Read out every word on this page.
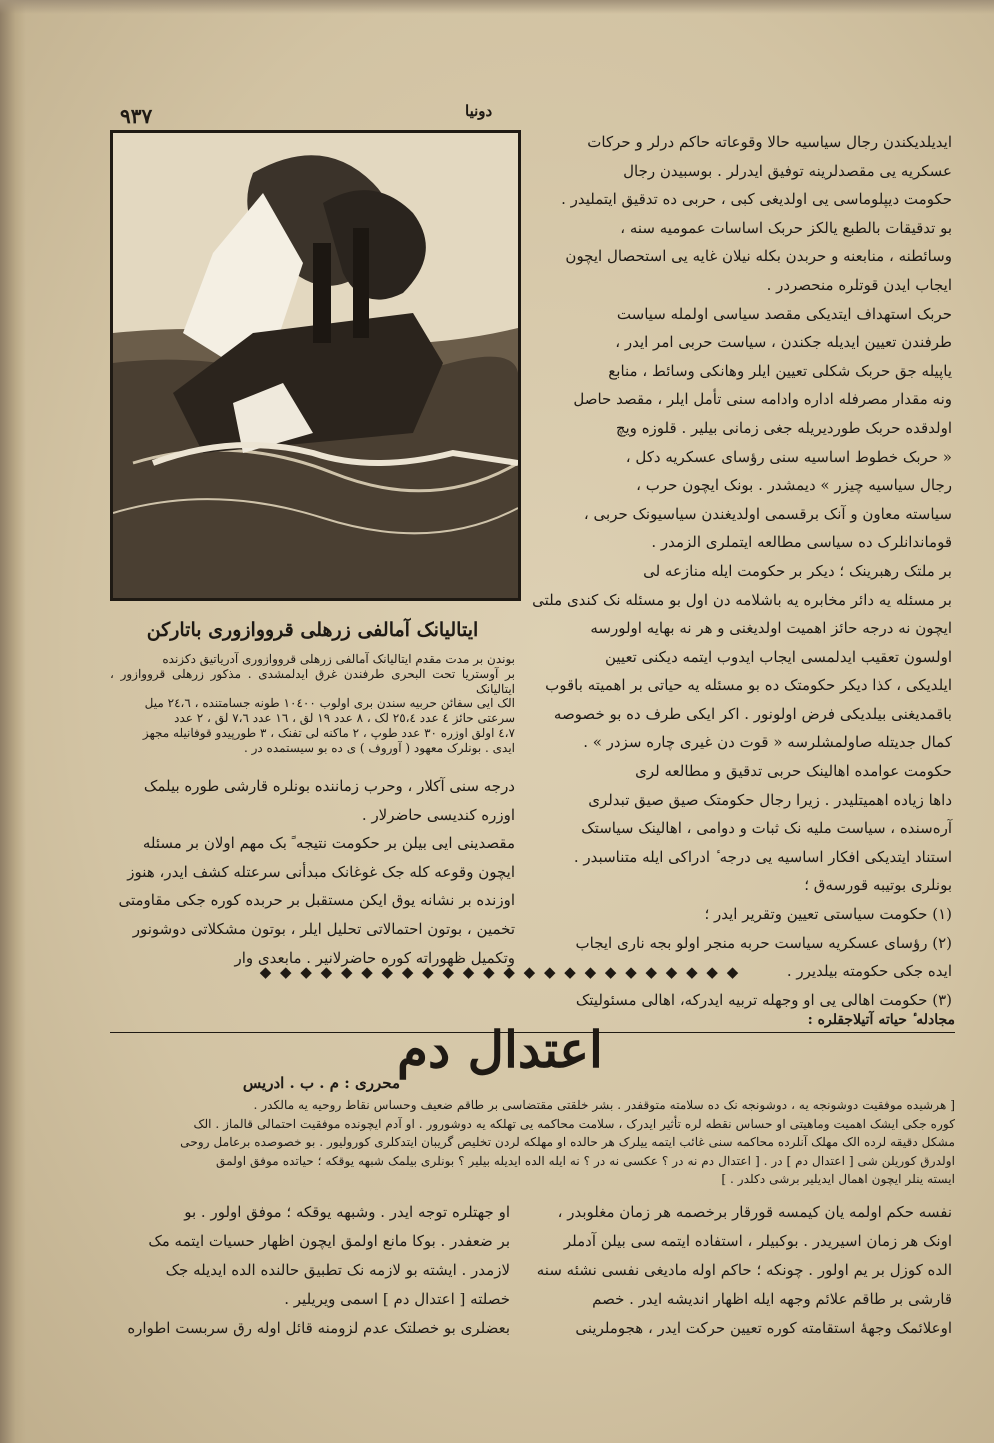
٩٣٧	دونیا

ایدیلدیکندن رجال سیاسیه حالا وقوعاته حاکم درلر و حرکات

عسکریه یی مقصدلرینه توفیق ایدرلر . بوسبیدن رجال

حکومت دیپلوماسی یی اولدیغی کبی ، حربی ده تدقیق ایتملیدر .

بو تدقیقات بالطبع یالکز حربک اساسات عمومیه سنه ،

وسائطنه ، منابعنه و حربدن بکله نیلان غایه یی استحصال ایچون

ایجاب ایدن قوتلره منحصردر .

حربک استهداف ایتدیکی مقصد سیاسی اولمله سیاست

طرفندن تعیین ایدیله جکندن ، سیاست حربی امر ایدر ،

یاپیله جق حربک شکلی تعیین ایلر وهانکی وسائط ، منابع

ونه مقدار مصرفله اداره وادامه سنی تأمل ایلر ، مقصد حاصل

اولدقده حربک طوردیریله جغی زمانی بیلیر . قلوزه ویچ

« حربک خطوط اساسیه سنی رؤسای عسکریه دکل ،

رجال سیاسیه چیزر » دیمشدر . بونک ایچون حرب ،

سیاسته معاون و آنک برقسمی اولدیغندن سیاسیونک حربی ،

قوماندانلرک ده سیاسی مطالعه ایتملری الزمدر .

بر ملتک رهبرینک ؛ دیکر بر حکومت ایله منازعه لی

بر مسئله یه دائر مخابره یه باشلامه دن اول بو مسئله نک کندی ملتی

ایچون نه درجه حائز اهمیت اولدیغنی و هر نه بهایه اولورسه

اولسون تعقیب ایدلمسی ایجاب ایدوب ایتمه دیکنی تعیین

ایلدیکی ، کذا دیکر حکومتک ده بو مسئله یه حیاتی بر اهمیته باقوب

باقمدیغنی بیلدیکی فرض اولونور . اکر ایکی طرف ده بو خصوصه

کمال جدیتله صاولمشلرسه « قوت دن غیری چاره سزدر » .

حکومت عوامده اهالینک حربی تدقیق و مطالعه لری

داها زیاده اهمیتلیدر . زیرا رجال حکومتک صیق صیق تبدلری

آرەسندە ، سیاست ملیه نک ثبات و دوامی ، اهالینک سیاستک

استناد ایتدیکی افکار اساسیه یی درجه ٔ ادراکی ایله متناسبدر .

بونلری بوتیبه قورسەق ؛

(١) حکومت سیاستی تعیین وتقریر ایدر ؛

(٢) رؤسای عسکریه سیاست حربه منجر اولو بجه ناری ایجاب

ایده جکی حکومته بیلدیرر .

(٣) حکومت اهالی یی او وجهله تربیه ایدرکه، اهالی مسئولیتک

ایتالیانک آمالفی زرهلی قرووازوری باتارکن

بوندن بر مدت مقدم ایتالیانک آمالفی زرهلی قرووازوری آدریاتیق دکزنده

بر آوستریا تحت البحری طرفندن غرق ایدلمشدی . مذکور زرهلی قرووازور ، ایتالیانک

الک ایی سفائن حربیه سندن بری اولوب ١٠٤٠٠ طونه جسامتنده ، ٢٤،٦ میل

سرعتی حائز ٤ عدد ٢٥،٤ لک ، ٨ عدد ١٩ لق ، ١٦ عدد ٧،٦ لق ، ٢ عدد

٤،٧ اولق اوزره ٣٠ عدد طوپ ، ٢ ماکنه لی تفنک ، ٣ طورپیدو قوفانیله مجهز

ایدی . بونلرک معهود ( آوروف ) ی ده بو سیستمده در .

درجه سنی آکلار ، وحرب زماننده بونلره قارشی طوره بیلمک

اوزره کندیسی حاضرلار .

مقصدینی ایی بیلن بر حکومت نتیجه ً بک مهم اولان بر مسئله

ایچون وقوعه کله جک غوغانک مبدأنی سرعتله کشف ایدر، هنوز

اوزنده بر نشانه یوق ایکن مستقبل بر حربده کوره جکی مقاومتی

تخمین ، بوتون احتمالاتی تحلیل ایلر ، بوتون مشکلاتی دوشونور

وتکمیل ظهوراته کوره حاضرلانیر . مابعدی وار

◆ ◆ ◆ ◆ ◆ ◆ ◆ ◆ ◆ ◆ ◆ ◆ ◆ ◆ ◆ ◆ ◆ ◆ ◆ ◆ ◆ ◆ ◆ ◆
مجادله ٔ حیاته آتیلاجقلره :
اعتدال دم
محرری : م . ب . ادریس

[ هرشیده موفقیت دوشونجه یه ، دوشونجه نک ده سلامته متوقفدر . بشر خلقتی مقتضاسی بر طاقم ضعیف وحساس نقاط روحیه یه مالکدر .

کوره جکی ایشک اهمیت وماهیتی او حساس نقطه لره تأثیر ایدرک ، سلامت محاکمه یی تهلکه یه دوشورور . او آدم ایچونده موفقیت احتمالی قالماز . الک

مشکل دقیقه لرده الک مهلک آنلرده محاکمه سنی غائب ایتمه ییلرک هر حالده او مهلکه لردن تخلیص گریبان ایتدکلری کورولیور . بو خصوصده برعامل روحی

اولدرق کوریلن شی [ اعتدال دم ] در . [ اعتدال دم نه در ؟ عکسی نه در ؟ نه ایله الده ایدیله بیلیر ؟ بونلری بیلمک شبهه یوقکه ؛ حیاتده موفق اولمق

ایسته ینلر ایچون اهمال ایدیلیر برشی دکلدر . ]

نفسه حکم اولمه یان کیمسه قورقار برخصمه هر زمان مغلوبدر ،

اونک هر زمان اسیریدر . بوکبیلر ، استفاده ایتمه سی بیلن آدملر

الده کوزل بر یم اولور . چونکه ؛ حاکم اوله مادیغی نفسی نشئه سنه

قارشی بر طاقم علائم وجهه ایله اظهار اندیشه ایدر . خصم

اوعلائمک وجههٔ استقامته کوره تعیین حرکت ایدر ، هجوملرینی

او جهتلره توجه ایدر . وشبهه یوقکه ؛ موفق اولور . بو

بر ضعفدر . بوکا مانع اولمق ایچون اظهار حسیات ایتمه مک

لازمدر . ایشته بو لازمه نک تطبیق حالنده الده ایدیله جک

خصلته [ اعتدال دم ] اسمی ویریلیر .

بعضلری بو خصلتک عدم لزومنه قائل اوله رق سربست اطواره
